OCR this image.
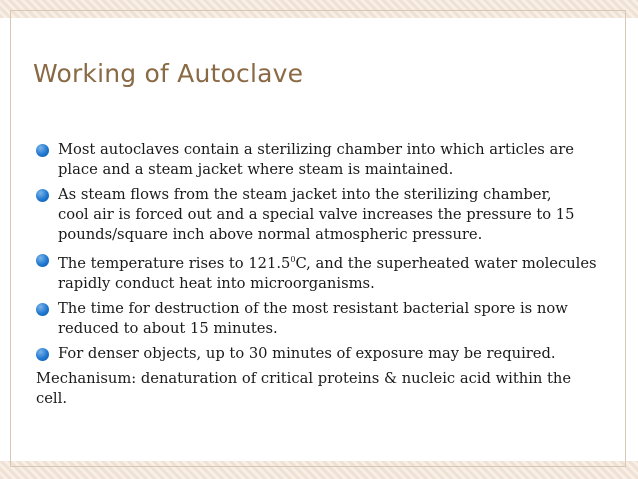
Working of Autoclave
Most autoclaves contain a sterilizing chamber into which articles are
place and a steam jacket where steam is maintained.
As steam flows from the steam jacket into the sterilizing chamber,
cool air is forced out and a special valve increases the pressure to 15
pounds/square inch above normal atmospheric pressure.
The temperature rises to 121.5$^0$C, and the superheated water molecules
rapidly conduct heat into microorganisms.
The time for destruction of the most resistant bacterial spore is now
reduced to about 15 minutes.
For denser objects, up to 30 minutes of exposure may be required.
Mechanisum: denaturation of critical proteins & nucleic acid within the
cell.
